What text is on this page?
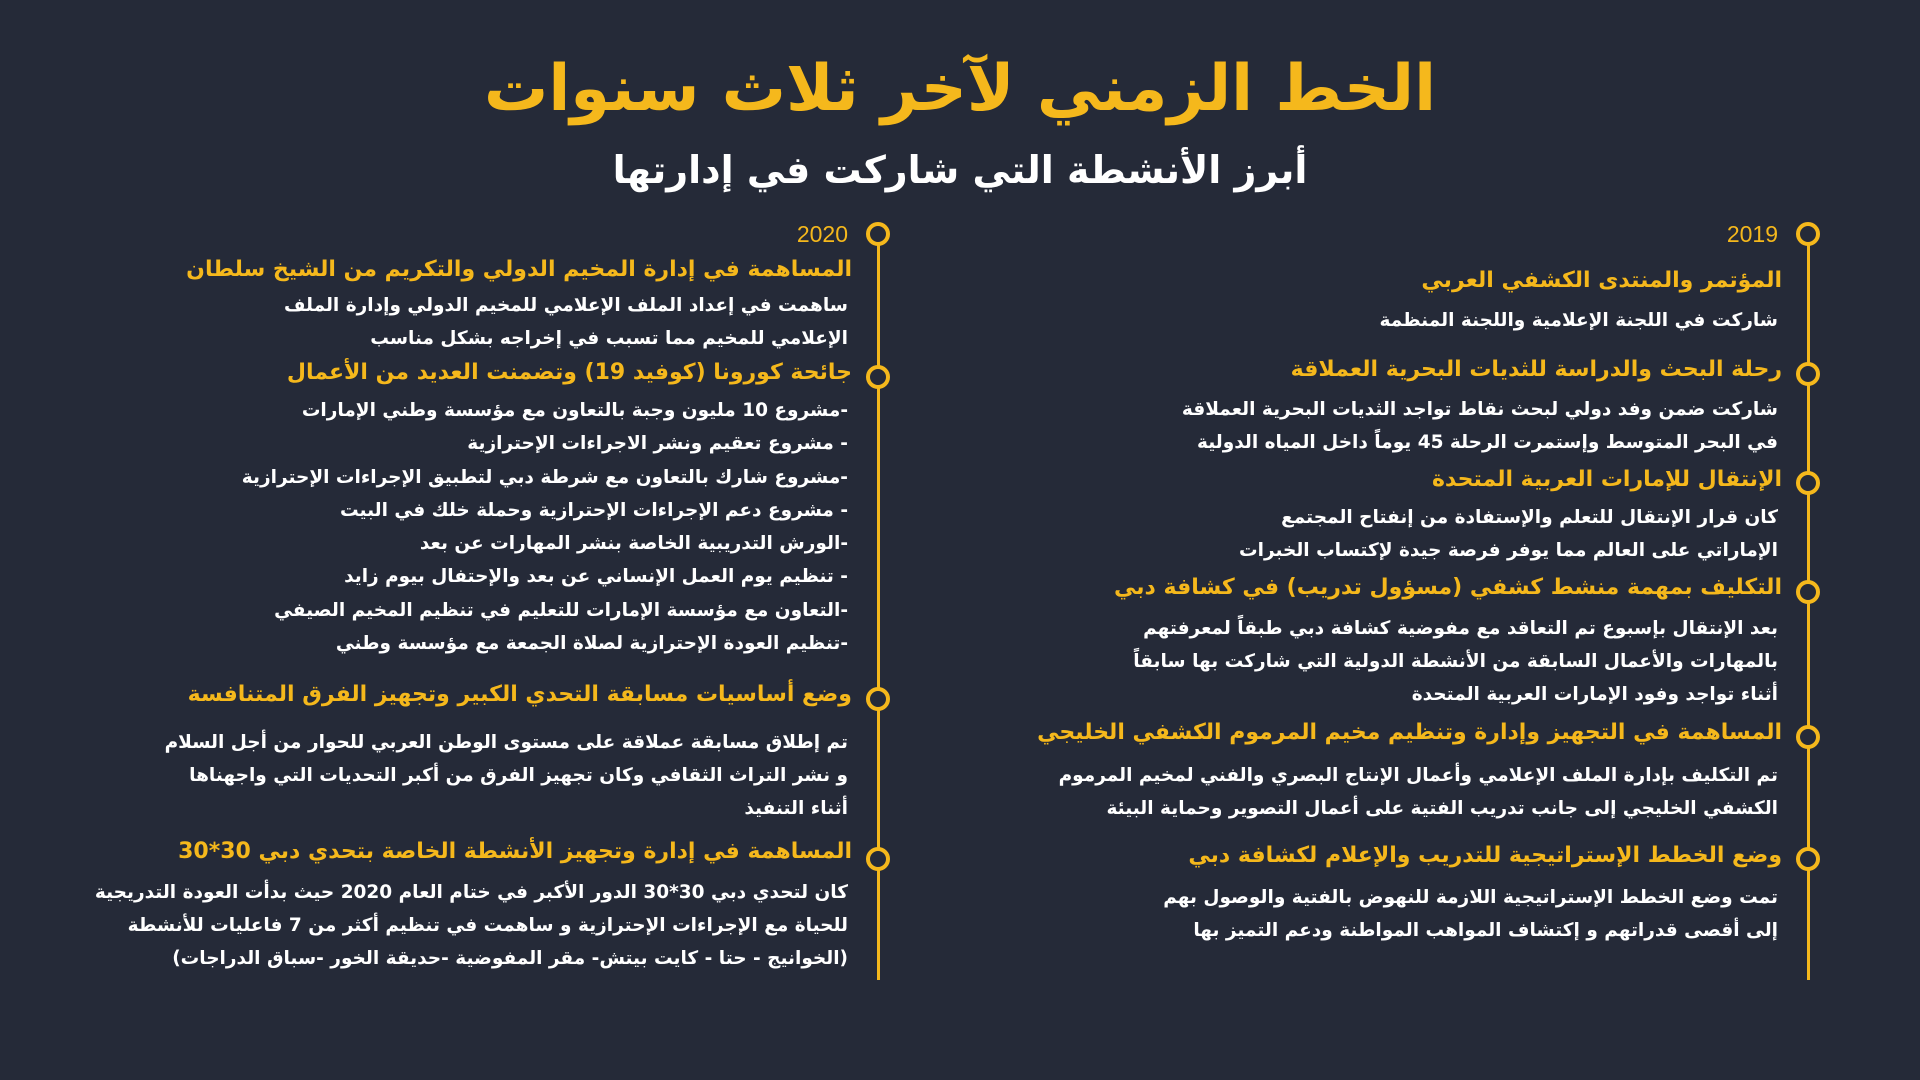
الخط الزمني لآخر ثلاث سنوات
أبرز الأنشطة التي شاركت في إدارتها
2019
المؤتمر والمنتدى الكشفي العربي
شاركت في اللجنة الإعلامية واللجنة المنظمة
رحلة البحث والدراسة للثديات البحرية العملاقة
شاركت ضمن وفد دولي لبحث نقاط تواجد الثديات البحرية العملاقة
في البحر المتوسط وإستمرت الرحلة 45 يوماً داخل المياه الدولية
الإنتقال للإمارات العربية المتحدة
كان قرار الإنتقال للتعلم والإستفادة من إنفتاح المجتمع
الإماراتي على العالم مما يوفر فرصة جيدة لإكتساب الخبرات
التكليف بمهمة منشط كشفي (مسؤول تدريب) في كشافة دبي
بعد الإنتقال بإسبوع تم التعاقد مع مفوضية كشافة دبي طبقاً لمعرفتهم
بالمهارات والأعمال السابقة من الأنشطة الدولية التي شاركت بها سابقاً
أثناء تواجد وفود الإمارات العربية المتحدة
المساهمة في التجهيز وإدارة وتنظيم مخيم المرموم الكشفي الخليجي
تم التكليف بإدارة الملف الإعلامي وأعمال الإنتاج البصري والفني لمخيم المرموم
الكشفي الخليجي إلى جانب تدريب الفتية على أعمال التصوير وحماية البيئة
وضع الخطط الإستراتيجية للتدريب والإعلام لكشافة دبي
تمت وضع الخطط الإستراتيجية اللازمة للنهوض بالفتية والوصول بهم
إلى أقصى قدراتهم و إكتشاف المواهب المواطنة ودعم التميز بها
2020
المساهمة في إدارة المخيم الدولي والتكريم من الشيخ سلطان
ساهمت في إعداد الملف الإعلامي للمخيم الدولي وإدارة الملف
الإعلامي للمخيم مما تسبب في إخراجه بشكل مناسب
جائحة كورونا (كوفيد 19) وتضمنت العديد من الأعمال
-مشروع 10 مليون وجبة بالتعاون مع مؤسسة وطني الإمارات
- مشروع تعقيم ونشر الاجراءات الإحترازية
-مشروع شارك بالتعاون مع شرطة دبي لتطبيق الإجراءات الإحترازية
- مشروع دعم الإجراءات الإحترازية وحملة خلك في البيت
-الورش التدريبية الخاصة بنشر المهارات عن بعد
- تنظيم يوم العمل الإنساني عن بعد والإحتفال بيوم زايد
-التعاون مع مؤسسة الإمارات للتعليم في تنظيم المخيم الصيفي
-تنظيم العودة الإحترازية لصلاة الجمعة مع مؤسسة وطني
وضع أساسيات مسابقة التحدي الكبير وتجهيز الفرق المتنافسة
تم إطلاق مسابقة عملاقة على مستوى الوطن العربي للحوار من أجل السلام
و نشر التراث الثقافي وكان تجهيز الفرق من أكبر التحديات التي واجهناها
أثناء التنفيذ
المساهمة في إدارة وتجهيز الأنشطة الخاصة بتحدي دبي 30*30
كان لتحدي دبي 30*30 الدور الأكبر في ختام العام 2020 حيث بدأت العودة التدريجية
للحياة مع الإجراءات الإحترازية و ساهمت في تنظيم أكثر من 7 فاعليات للأنشطة
(الخوانيج - حتا - كايت بيتش- مقر المفوضية -حديقة الخور -سباق الدراجات)
